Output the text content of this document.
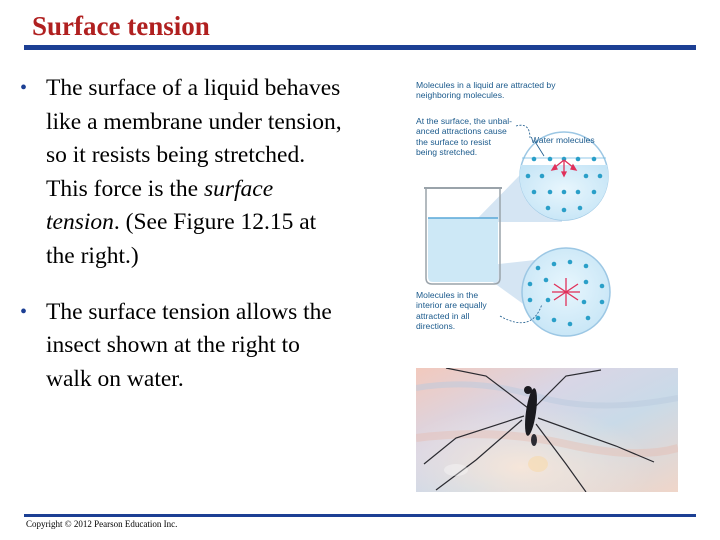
Surface tension
• The surface of a liquid behaves like a membrane under tension, so it resists being stretched. This force is the surface tension. (See Figure 12.15 at the right.)
• The surface tension allows the insect shown at the right to walk on water.
Molecules in a liquid are attracted by
neighboring molecules.
At the surface, the unbal-
anced attractions cause
the surface to resist
being stretched.
Molecules in the
interior are equally
attracted in all
directions.
Water molecules
Copyright © 2012 Pearson Education Inc.
